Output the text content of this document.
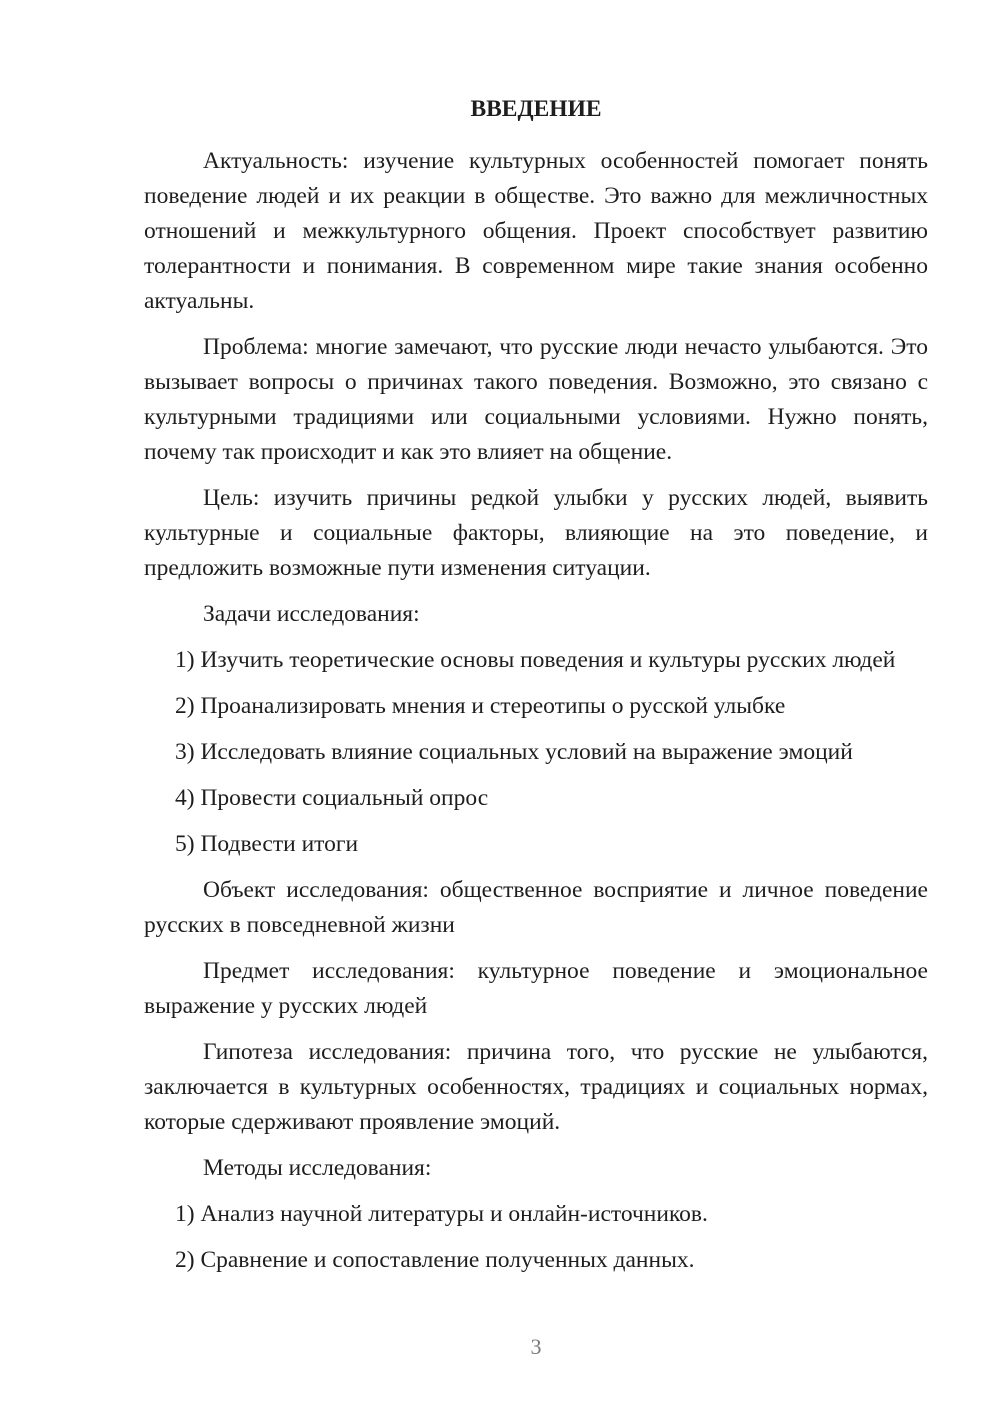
ВВЕДЕНИЕ

Актуальность: изучение культурных особенностей помогает понять поведение людей и их реакции в обществе. Это важно для межличностных отношений и межкультурного общения. Проект способствует развитию толерантности и понимания. В современном мире такие знания особенно актуальны.

Проблема: многие замечают, что русские люди нечасто улыбаются. Это вызывает вопросы о причинах такого поведения. Возможно, это связано с культурными традициями или социальными условиями. Нужно понять, почему так происходит и как это влияет на общение.

Цель: изучить причины редкой улыбки у русских людей, выявить культурные и социальные факторы, влияющие на это поведение, и предложить возможные пути изменения ситуации.

Задачи исследования:

1) Изучить теоретические основы поведения и культуры русских людей

2) Проанализировать мнения и стереотипы о русской улыбке

3) Исследовать влияние социальных условий на выражение эмоций

4) Провести социальный опрос

5) Подвести итоги

Объект исследования: общественное восприятие и личное поведение русских в повседневной жизни

Предмет исследования: культурное поведение и эмоциональное выражение у русских людей

Гипотеза исследования: причина того, что русские не улыбаются, заключается в культурных особенностях, традициях и социальных нормах, которые сдерживают проявление эмоций.

Методы исследования:

1) Анализ научной литературы и онлайн-источников.

2) Сравнение и сопоставление полученных данных.

3
